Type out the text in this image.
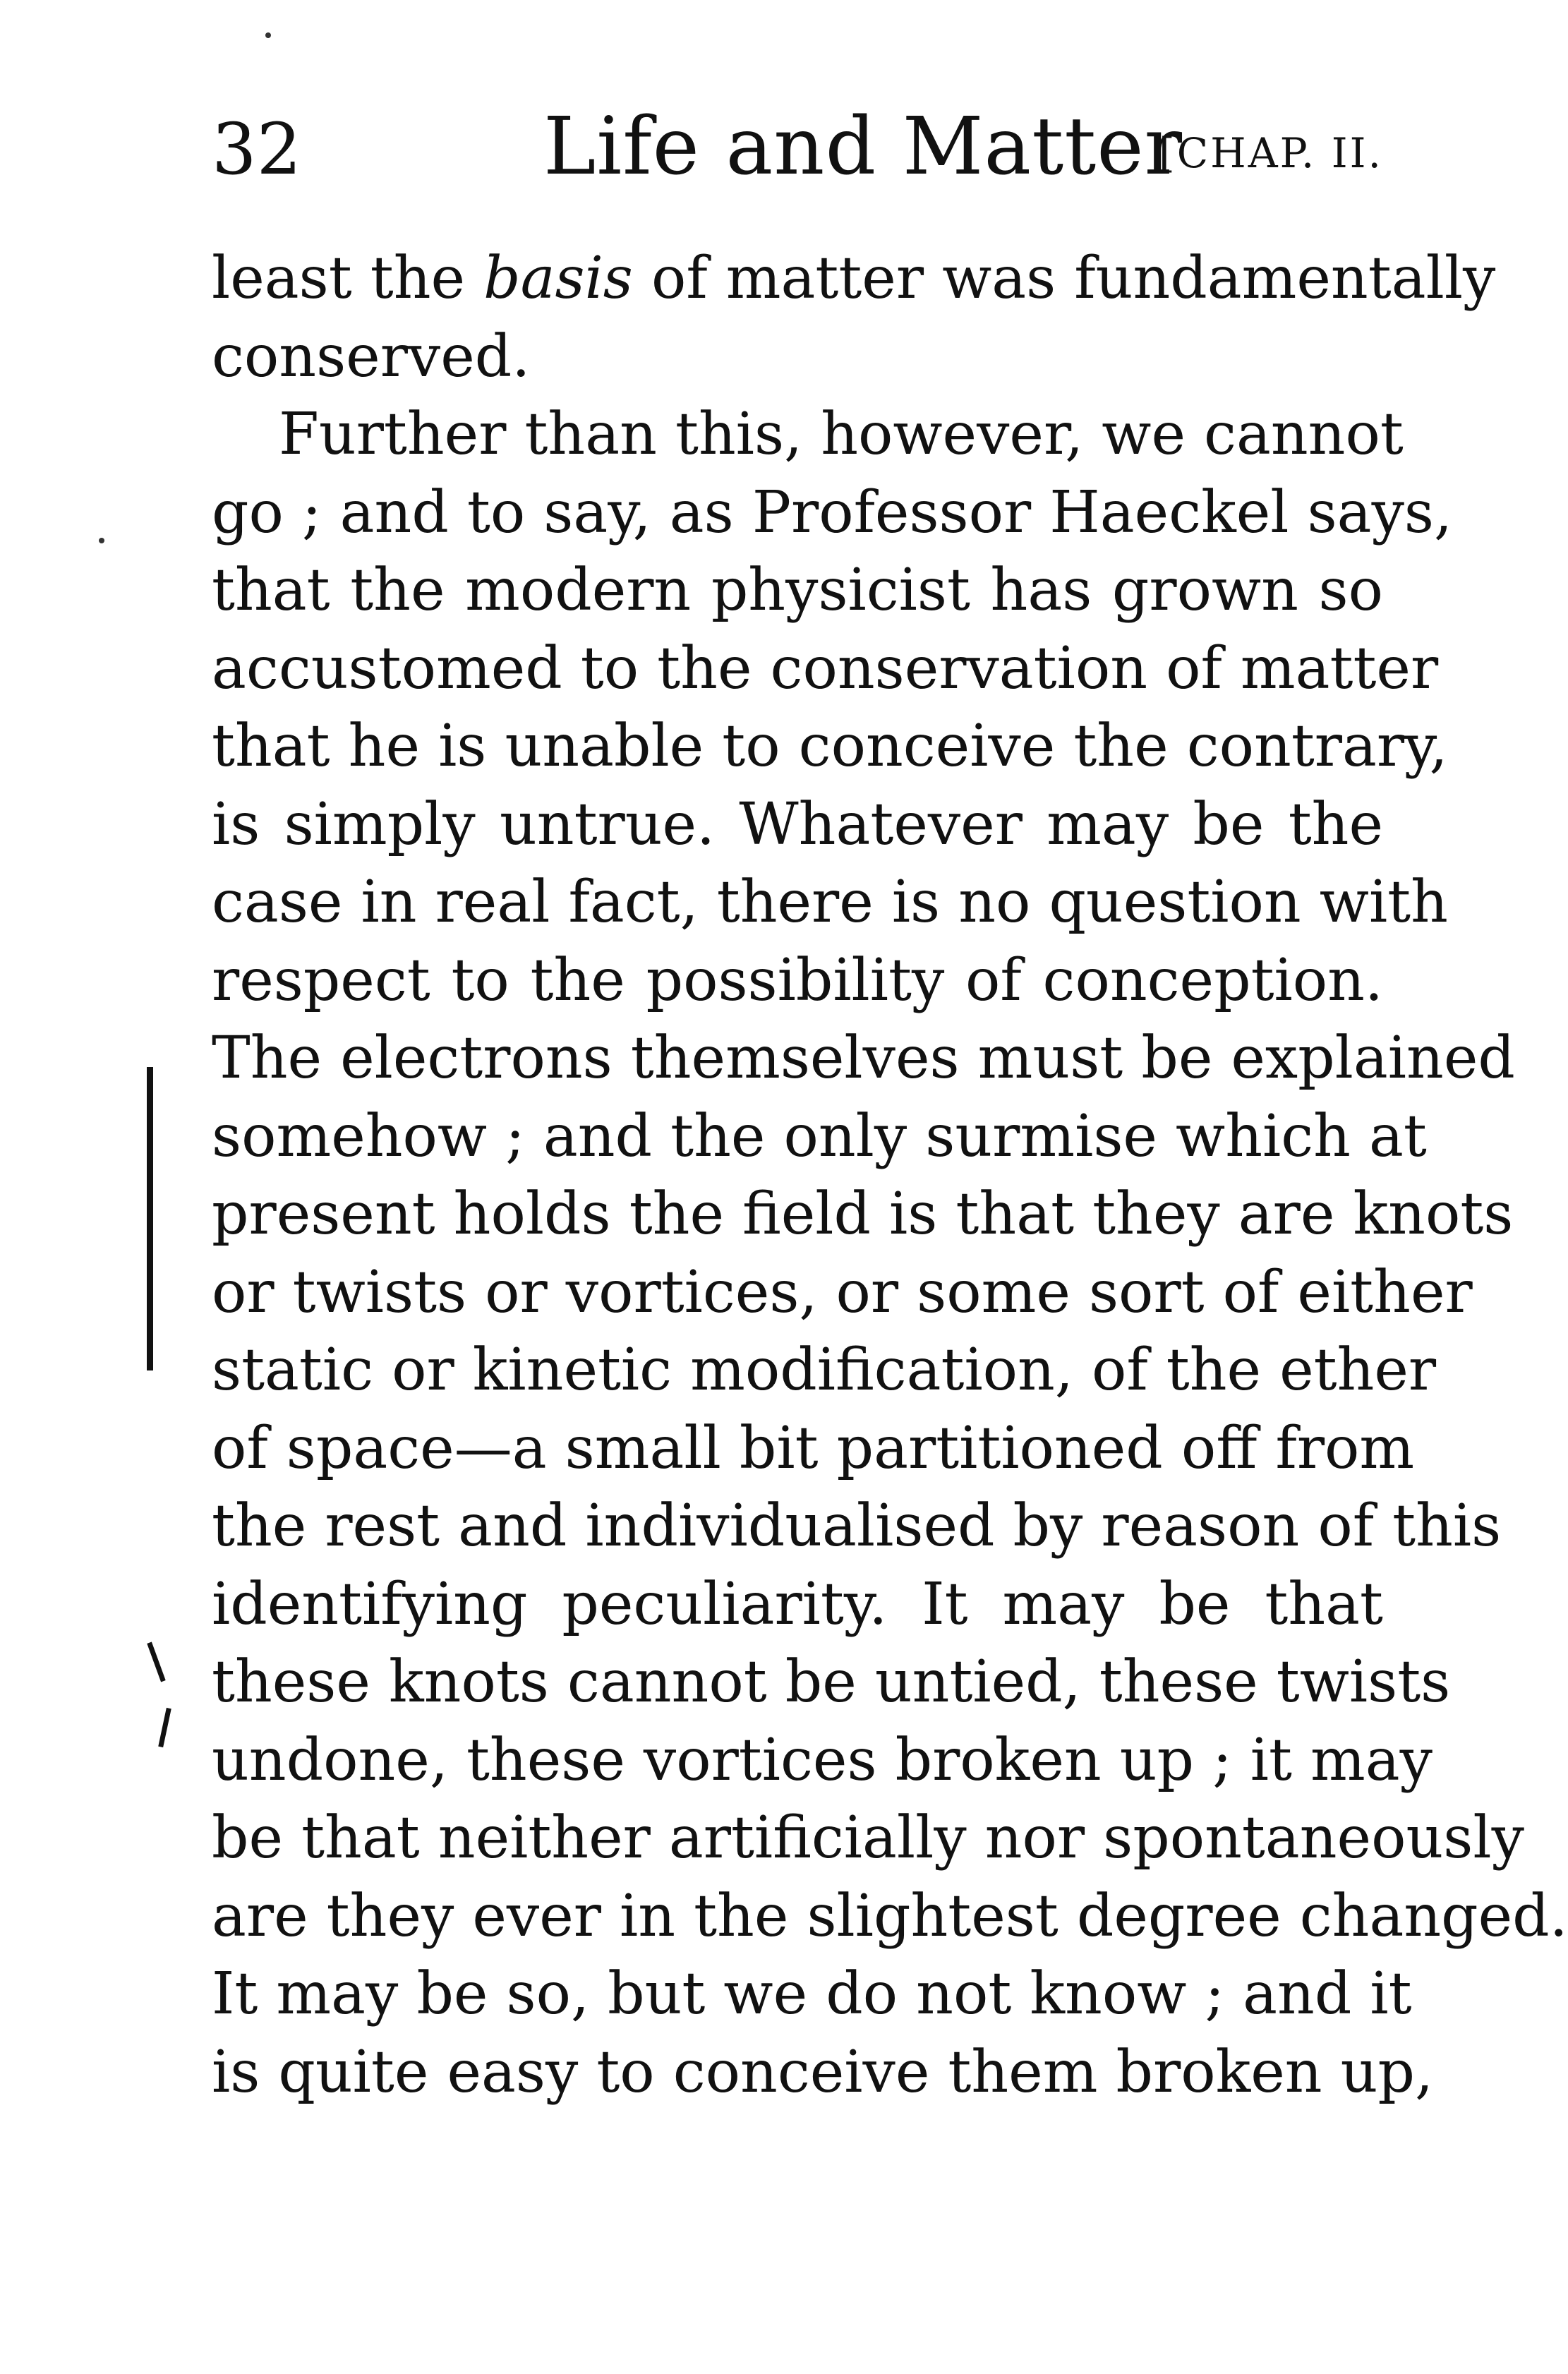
32	Life and Matter
[CHAP. II.
least the basis of matter was fundamentally
conserved.
Further than this, however, we cannot
go ; and to say, as Professor Haeckel says,
that the modern physicist has grown so
accustomed to the conservation of matter
that he is unable to conceive the contrary,
is simply untrue. Whatever may be the
case in real fact, there is no question with
respect to the possibility of conception.
The electrons themselves must be explained
somehow ; and the only surmise which at
present holds the field is that they are knots
or twists or vortices, or some sort of either
static or kinetic modification, of the ether
of space—a small bit partitioned off from
the rest and individualised by reason of this
identifying peculiarity. It may be that
these knots cannot be untied, these twists
undone, these vortices broken up ; it may
be that neither artificially nor spontaneously
are they ever in the slightest degree changed.
It may be so, but we do not know ; and it
is quite easy to conceive them broken up,
